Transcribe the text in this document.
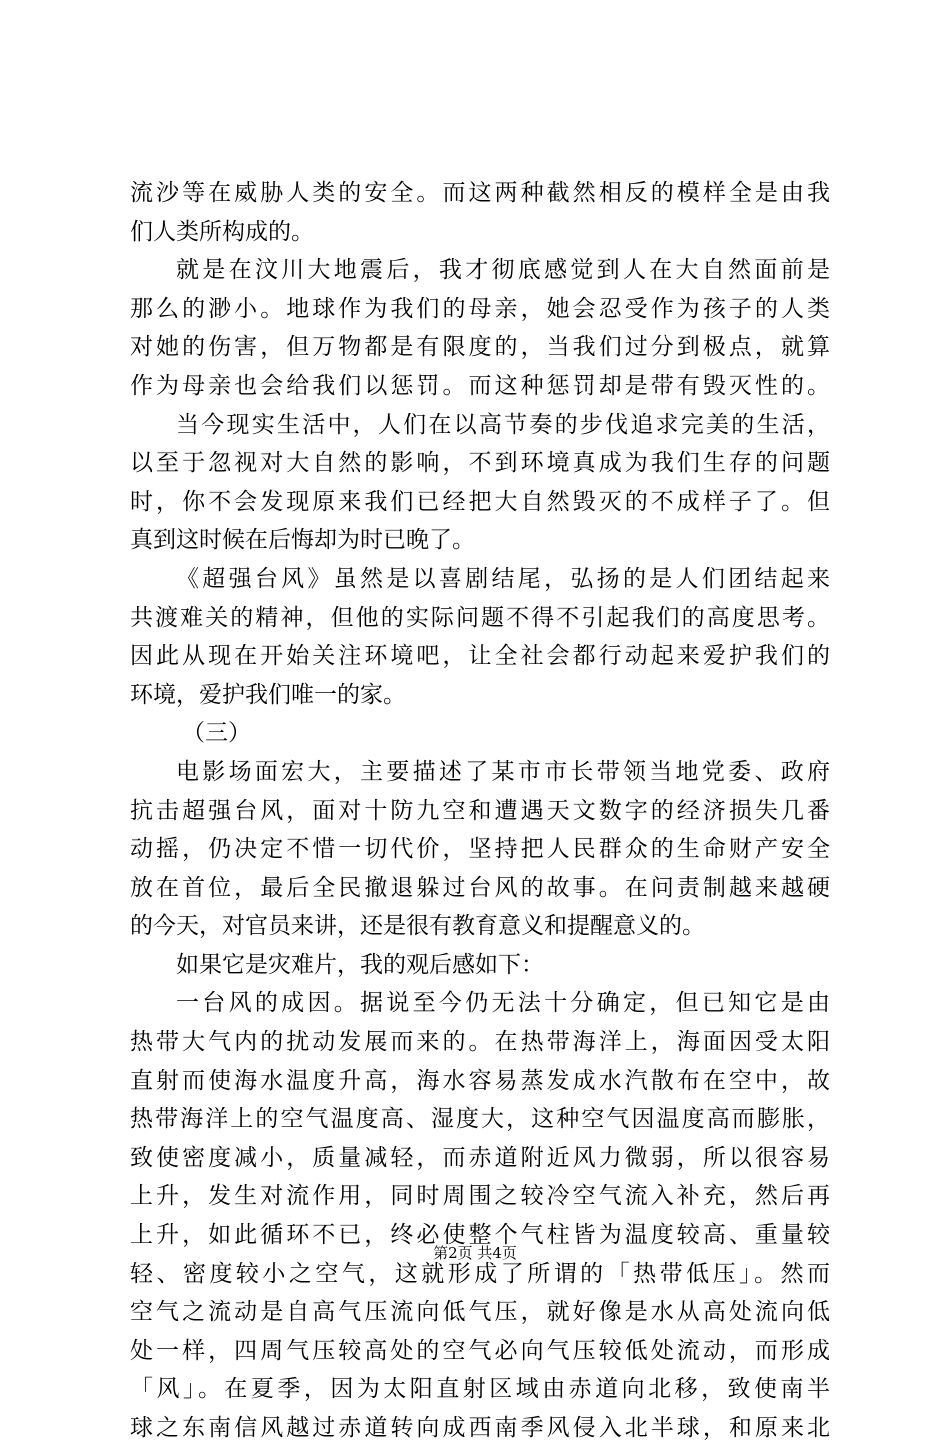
流沙等在威胁人类的安全。而这两种截然相反的模样全是由我
们人类所构成的。
就是在汶川大地震后，我才彻底感觉到人在大自然面前是
那么的渺小。地球作为我们的母亲，她会忍受作为孩子的人类
对她的伤害，但万物都是有限度的，当我们过分到极点，就算
作为母亲也会给我们以惩罚。而这种惩罚却是带有毁灭性的。
当今现实生活中，人们在以高节奏的步伐追求完美的生活，
以至于忽视对大自然的影响，不到环境真成为我们生存的问题
时，你不会发现原来我们已经把大自然毁灭的不成样子了。但
真到这时候在后悔却为时已晚了。
《超强台风》虽然是以喜剧结尾，弘扬的是人们团结起来
共渡难关的精神，但他的实际问题不得不引起我们的高度思考。
因此从现在开始关注环境吧，让全社会都行动起来爱护我们的
环境，爱护我们唯一的家。
（三）
电影场面宏大，主要描述了某市市长带领当地党委、政府
抗击超强台风，面对十防九空和遭遇天文数字的经济损失几番
动摇，仍决定不惜一切代价，坚持把人民群众的生命财产安全
放在首位，最后全民撤退躲过台风的故事。在问责制越来越硬
的今天，对官员来讲，还是很有教育意义和提醒意义的。
如果它是灾难片，我的观后感如下：
一台风的成因。据说至今仍无法十分确定，但已知它是由
热带大气内的扰动发展而来的。在热带海洋上，海面因受太阳
直射而使海水温度升高，海水容易蒸发成水汽散布在空中，故
热带海洋上的空气温度高、湿度大，这种空气因温度高而膨胀，
致使密度减小，质量减轻，而赤道附近风力微弱，所以很容易
上升，发生对流作用，同时周围之较冷空气流入补充，然后再
上升，如此循环不已，终必使整个气柱皆为温度较高、重量较
轻、密度较小之空气，这就形成了所谓的「热带低压」。然而
空气之流动是自高气压流向低气压，就好像是水从高处流向低
处一样，四周气压较高处的空气必向气压较低处流动，而形成
「风」。在夏季，因为太阳直射区域由赤道向北移，致使南半
球之东南信风越过赤道转向成西南季风侵入北半球，和原来北
第2页 共4页
